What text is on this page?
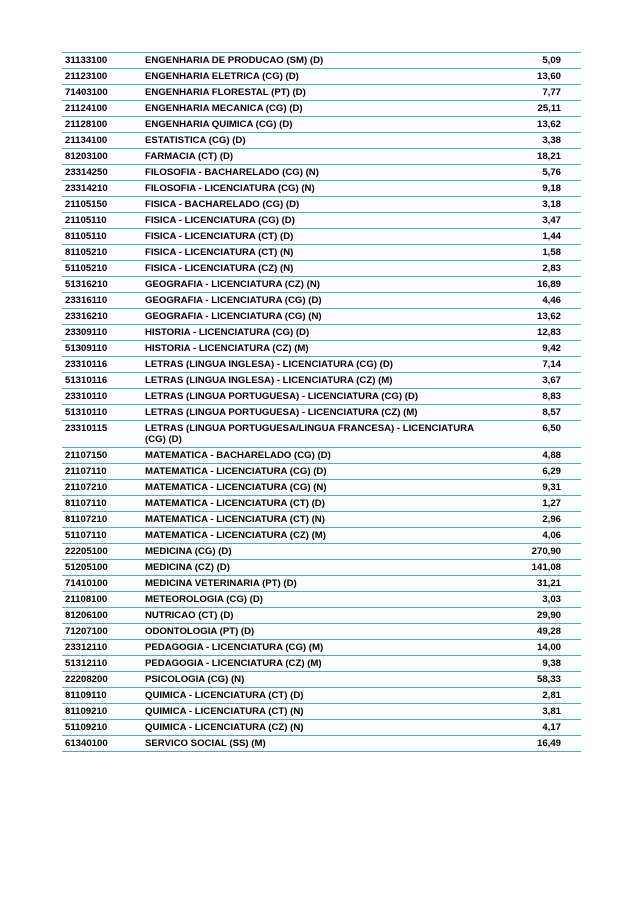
31133100	ENGENHARIA DE PRODUCAO (SM) (D)	5,09
21123100	ENGENHARIA ELETRICA (CG) (D)	13,60
71403100	ENGENHARIA FLORESTAL (PT) (D)	7,77
21124100	ENGENHARIA MECANICA (CG) (D)	25,11
21128100	ENGENHARIA QUIMICA (CG) (D)	13,62
21134100	ESTATISTICA (CG) (D)	3,38
81203100	FARMACIA (CT) (D)	18,21
23314250	FILOSOFIA - BACHARELADO (CG) (N)	5,76
23314210	FILOSOFIA - LICENCIATURA (CG) (N)	9,18
21105150	FISICA - BACHARELADO (CG) (D)	3,18
21105110	FISICA - LICENCIATURA (CG) (D)	3,47
81105110	FISICA - LICENCIATURA (CT) (D)	1,44
81105210	FISICA - LICENCIATURA (CT) (N)	1,58
51105210	FISICA - LICENCIATURA (CZ) (N)	2,83
51316210	GEOGRAFIA - LICENCIATURA (CZ) (N)	16,89
23316110	GEOGRAFIA - LICENCIATURA (CG) (D)	4,46
23316210	GEOGRAFIA - LICENCIATURA (CG) (N)	13,62
23309110	HISTORIA - LICENCIATURA (CG) (D)	12,83
51309110	HISTORIA - LICENCIATURA (CZ) (M)	9,42
23310116	LETRAS (LINGUA INGLESA) - LICENCIATURA (CG) (D)	7,14
51310116	LETRAS (LINGUA INGLESA) - LICENCIATURA (CZ) (M)	3,67
23310110	LETRAS (LINGUA PORTUGUESA) - LICENCIATURA (CG) (D)	8,83
51310110	LETRAS (LINGUA PORTUGUESA) - LICENCIATURA (CZ) (M)	8,57
23310115	LETRAS (LINGUA PORTUGUESA/LINGUA FRANCESA) - LICENCIATURA (CG) (D)	6,50
21107150	MATEMATICA - BACHARELADO (CG) (D)	4,88
21107110	MATEMATICA - LICENCIATURA (CG) (D)	6,29
21107210	MATEMATICA - LICENCIATURA (CG) (N)	9,31
81107110	MATEMATICA - LICENCIATURA (CT) (D)	1,27
81107210	MATEMATICA - LICENCIATURA (CT) (N)	2,96
51107110	MATEMATICA - LICENCIATURA (CZ) (M)	4,06
22205100	MEDICINA (CG) (D)	270,90
51205100	MEDICINA (CZ) (D)	141,08
71410100	MEDICINA VETERINARIA (PT) (D)	31,21
21108100	METEOROLOGIA (CG) (D)	3,03
81206100	NUTRICAO (CT) (D)	29,90
71207100	ODONTOLOGIA (PT) (D)	49,28
23312110	PEDAGOGIA - LICENCIATURA (CG) (M)	14,00
51312110	PEDAGOGIA - LICENCIATURA (CZ) (M)	9,38
22208200	PSICOLOGIA (CG) (N)	58,33
81109110	QUIMICA - LICENCIATURA (CT) (D)	2,81
81109210	QUIMICA - LICENCIATURA (CT) (N)	3,81
51109210	QUIMICA - LICENCIATURA (CZ) (N)	4,17
61340100	SERVICO SOCIAL (SS) (M)	16,49
